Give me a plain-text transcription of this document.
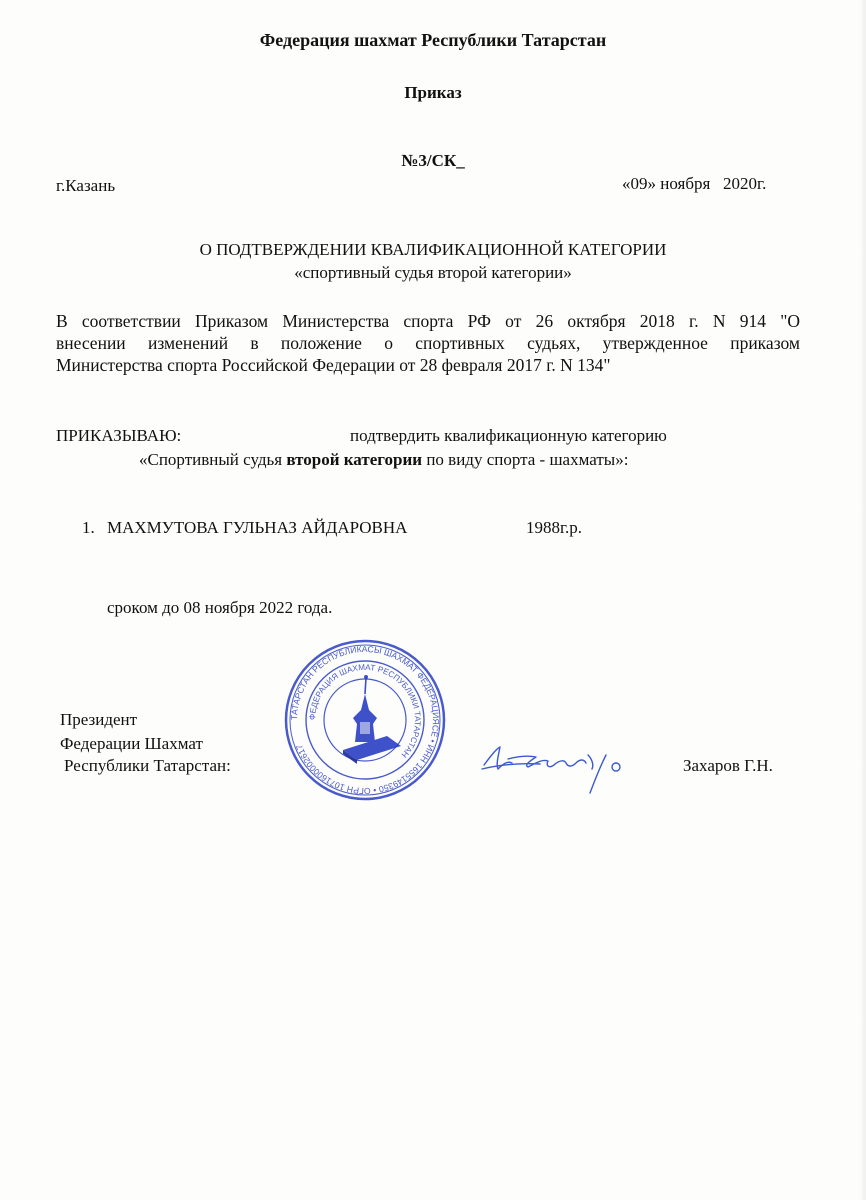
Федерация шахмат Республики Татарстан
Приказ
№3/СК_
г.Казань	«09» ноября   2020г.
О ПОДТВЕРЖДЕНИИ КВАЛИФИКАЦИОННОЙ КАТЕГОРИИ
«спортивный судья второй категории»
В соответствии Приказом Министерства спорта РФ от 26 октября 2018 г. N 914 "О
внесении изменений в положение о спортивных судьях, утвержденное приказом
Министерства спорта Российской Федерации от 28 февраля 2017 г. N 134"
ПРИКАЗЫВАЮ:	подтвердить квалификационную категорию
«Спортивный судья второй категории по виду спорта - шахматы»:
1. МАХМУТОВА ГУЛЬНАЗ АЙДАРОВНА	1988г.р.
сроком до 08 ноября 2022 года.
Президент
Федерации Шахмат
Республики Татарстан:
ТАТАРСТАН РЕСПУБЛИКАСЫ ШАХМАТ ФЕДЕРАЦИЯСЕ • ИНН 1655149350 • ОГРН 1071600002617
ФЕДЕРАЦИЯ ШАХМАТ РЕСПУБЛИКИ ТАТАРСТАН
Захаров Г.Н.
